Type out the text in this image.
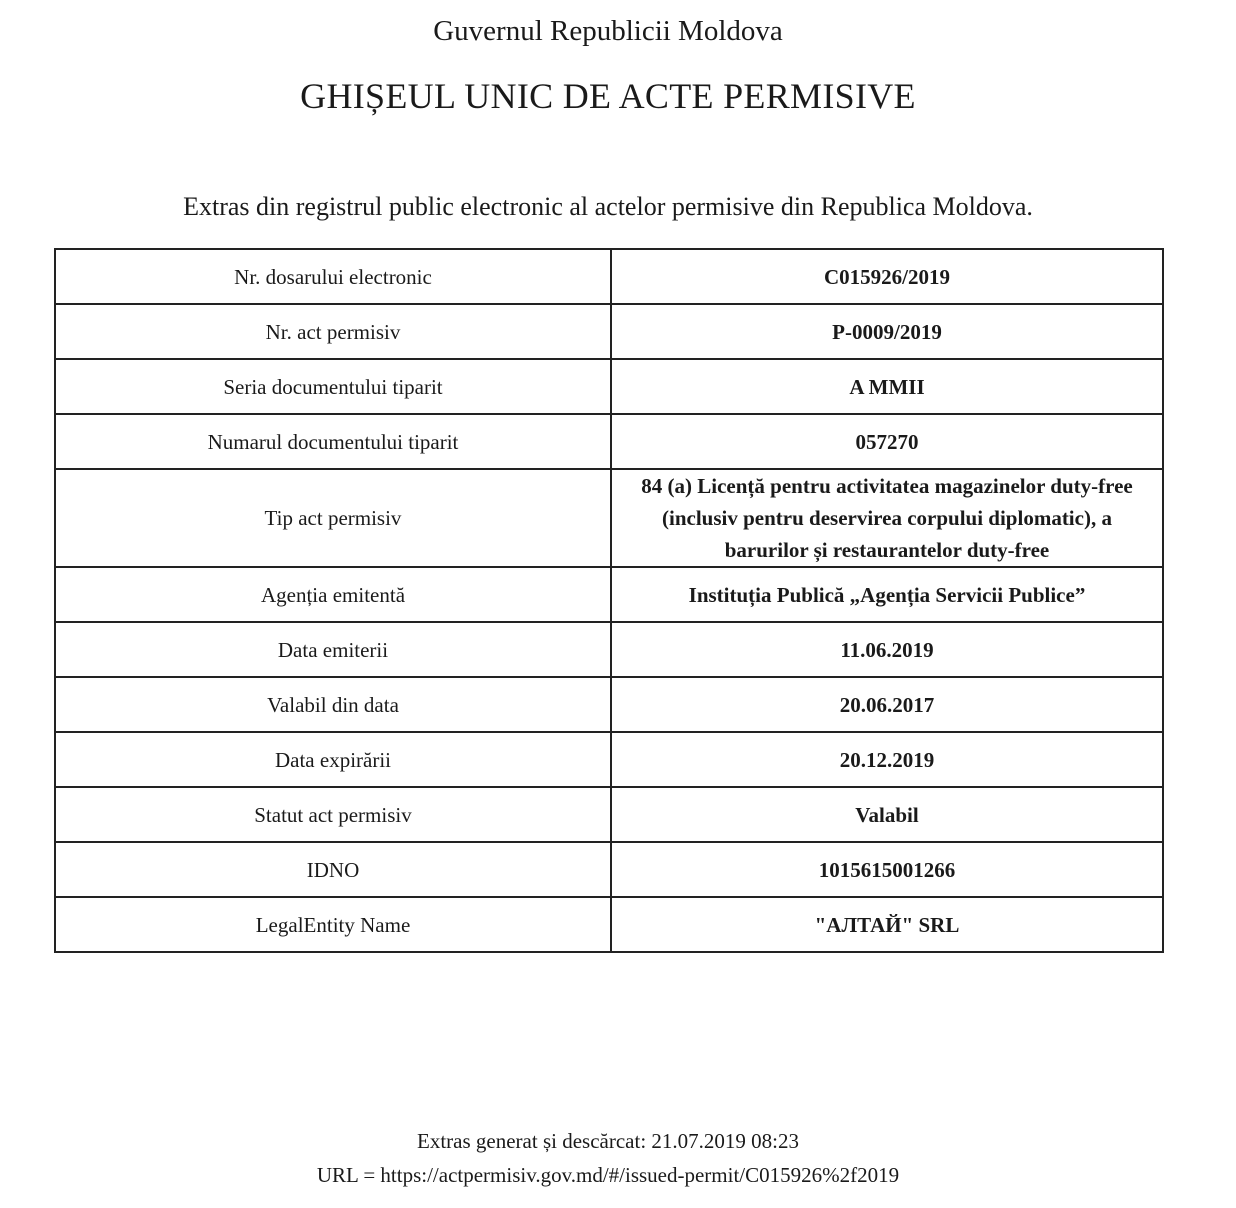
Guvernul Republicii Moldova
GHIȘEUL UNIC DE ACTE PERMISIVE
Extras din registrul public electronic al actelor permisive din Republica Moldova.
Nr. dosarului electronic	C015926/2019
Nr. act permisiv	P-0009/2019
Seria documentului tiparit	A MMII
Numarul documentului tiparit	057270
Tip act permisiv	84 (a) Licență pentru activitatea magazinelor duty-free (inclusiv pentru deservirea corpului diplomatic), a barurilor și restaurantelor duty-free
Agenția emitentă	Instituția Publică „Agenția Servicii Publice”
Data emiterii	11.06.2019
Valabil din data	20.06.2017
Data expirării	20.12.2019
Statut act permisiv	Valabil
IDNO	1015615001266
LegalEntity Name	"АЛТАЙ" SRL
Extras generat și descărcat: 21.07.2019 08:23
URL = https://actpermisiv.gov.md/#/issued-permit/C015926%2f2019
